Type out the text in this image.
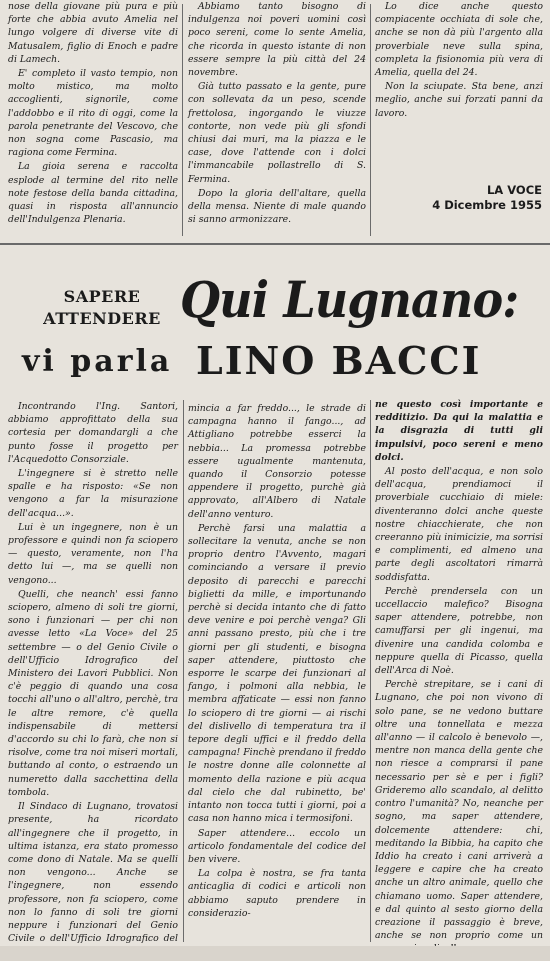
nose della giovane più pura e più forte che abbia avuto Amelia nel lungo volgere di diverse vite di Matusalem, figlio di Enoch e padre di Lamech.

E' completo il vasto tempio, non molto mistico, ma molto accoglienti, signorile, come l'addobbo e il rito di oggi, come la parola penetrante del Vescovo, che non sogna come Pascasio, ma ragiona come Fermina.

La gioia serena e raccolta esplode al termine del rito nelle note festose della banda cittadina, quasi in risposta all'annuncio dell'Indulgenza Plenaria.

Abbiamo tanto bisogno di indulgenza noi poveri uomini così poco sereni, come lo sente Amelia, che ricorda in questo istante di non essere sempre la più città del 24 novembre.

Già tutto passato e la gente, pure con sollevata da un peso, scende frettolosa, ingorgando le viuzze contorte, non vede più gli sfondi chiusi dai muri, ma la piazza e le case, dove l'attende con i dolci l'immancabile pollastrello di S. Fermina.

Dopo la gloria dell'altare, quella della mensa. Niente di male quando si sanno armonizzare.

Lo dice anche questo compiacente occhiata di sole che, anche se non dà più l'argento alla proverbiale neve sulla spina, completa la fisionomia più vera di Amelia, quella del 24.

Non la sciupate. Sta bene, anzi meglio, anche sui forzati panni da lavoro.

LA VOCE
4 Dicembre 1955
SAPERE
ATTENDERE Qui Lugnano:
vi parla LINO BACCI

Incontrando l'Ing. Santori, abbiamo approfittato della sua cortesia per domandargli a che punto fosse il progetto per l'Acquedotto Consorziale.

L'ingegnere si è stretto nelle spalle e ha risposto: «Se non vengono a far la misurazione dell'acqua...».

Lui è un ingegnere, non è un professore e quindi non fa sciopero — questo, veramente, non l'ha detto lui —, ma se quelli non vengono...

Quelli, che neanch' essi fanno sciopero, almeno di soli tre giorni, sono i funzionari — per chi non avesse letto «La Voce» del 25 settembre — o del Genio Civile o dell'Ufficio Idrografico del Ministero dei Lavori Pubblici. Non c'è peggio di quando una cosa tocchi all'uno o all'altro, perchè, tra le altre remore, c'è quella indispensabile di mettersi d'accordo su chi lo farà, che non si risolve, come tra noi miseri mortali, buttando al conto, o estraendo un numeretto dalla sacchettina della tombola.

Il Sindaco di Lugnano, trovatosi presente, ha ricordato all'ingegnere che il progetto, in ultima istanza, era stato promesso come dono di Natale. Ma se quelli non vengono... Anche se l'ingegnere, non essendo professore, non fa sciopero, come non lo fanno di soli tre giorni neppure i funzionari del Genio Civile o dell'Ufficio Idrografico del

mincia a far freddo..., le strade di campagna hanno il fango..., ad Attigliano potrebbe esserci la nebbia... La promessa potrebbe essere ugualmente mantenuta, quando il Consorzio potesse appendere il progetto, purchè già approvato, all'Albero di Natale dell'anno venturo.

Perchè farsi una malattia a sollecitare la venuta, anche se non proprio dentro l'Avvento, magari cominciando a versare il previo deposito di parecchi e parecchi biglietti da mille, e importunando perchè si decida intanto che di fatto deve venire e poi perchè venga? Gli anni passano presto, più che i tre giorni per gli studenti, e bisogna saper attendere, piuttosto che esporre le scarpe dei funzionari al fango, i polmoni alla nebbia, le membra affaticate — essi non fanno lo sciopero di tre giorni — ai rischi del dislivello di temperatura tra il tepore degli uffici e il freddo della campagna! Finchè prendano il freddo le nostre donne alle colonnette al momento della razione e più acqua dal cielo che dal rubinetto, be' intanto non tocca tutti i giorni, poi a casa non hanno mica i termosifoni.

Saper attendere... eccolo un articolo fondamentale del codice del ben vivere.

La colpa è nostra, se fra tanta anticaglia di codici e articoli non abbiamo saputo prendere in considerazio-

ne questo così importante e redditizio. Da qui la malattia e la disgrazia di tutti gli impulsivi, poco sereni e meno dolci.

Al posto dell'acqua, e non solo dell'acqua, prendiamoci il proverbiale cucchiaio di miele: diventeranno dolci anche queste nostre chiacchierate, che non creeranno più inimicizie, ma sorrisi e complimenti, ed almeno una parte degli ascoltatori rimarrà soddisfatta.

Perchè prendersela con un uccellaccio malefico? Bisogna saper attendere, potrebbe, non camuffarsi per gli ingenui, ma divenire una candida colomba e neppure quella di Picasso, quella dell'Arca di Noè.

Perchè strepitare, se i cani di Lugnano, che poi non vivono di solo pane, se ne vedono buttare oltre una tonnellata e mezza all'anno — il calcolo è benevolo —, mentre non manca della gente che non riesce a comprarsi il pane necessario per sè e per i figli? Grideremo allo scandalo, al delitto contro l'umanità? No, neanche per sogno, ma saper attendere, dolcemente attendere: chi, meditando la Bibbia, ha capito che Iddio ha creato i cani arriverà a leggere e capire che ha creato anche un altro animale, quello che chiamano uomo. Saper attendere, e dal quinto al sesto giorno della creazione il passaggio è breve, anche se non proprio come un
